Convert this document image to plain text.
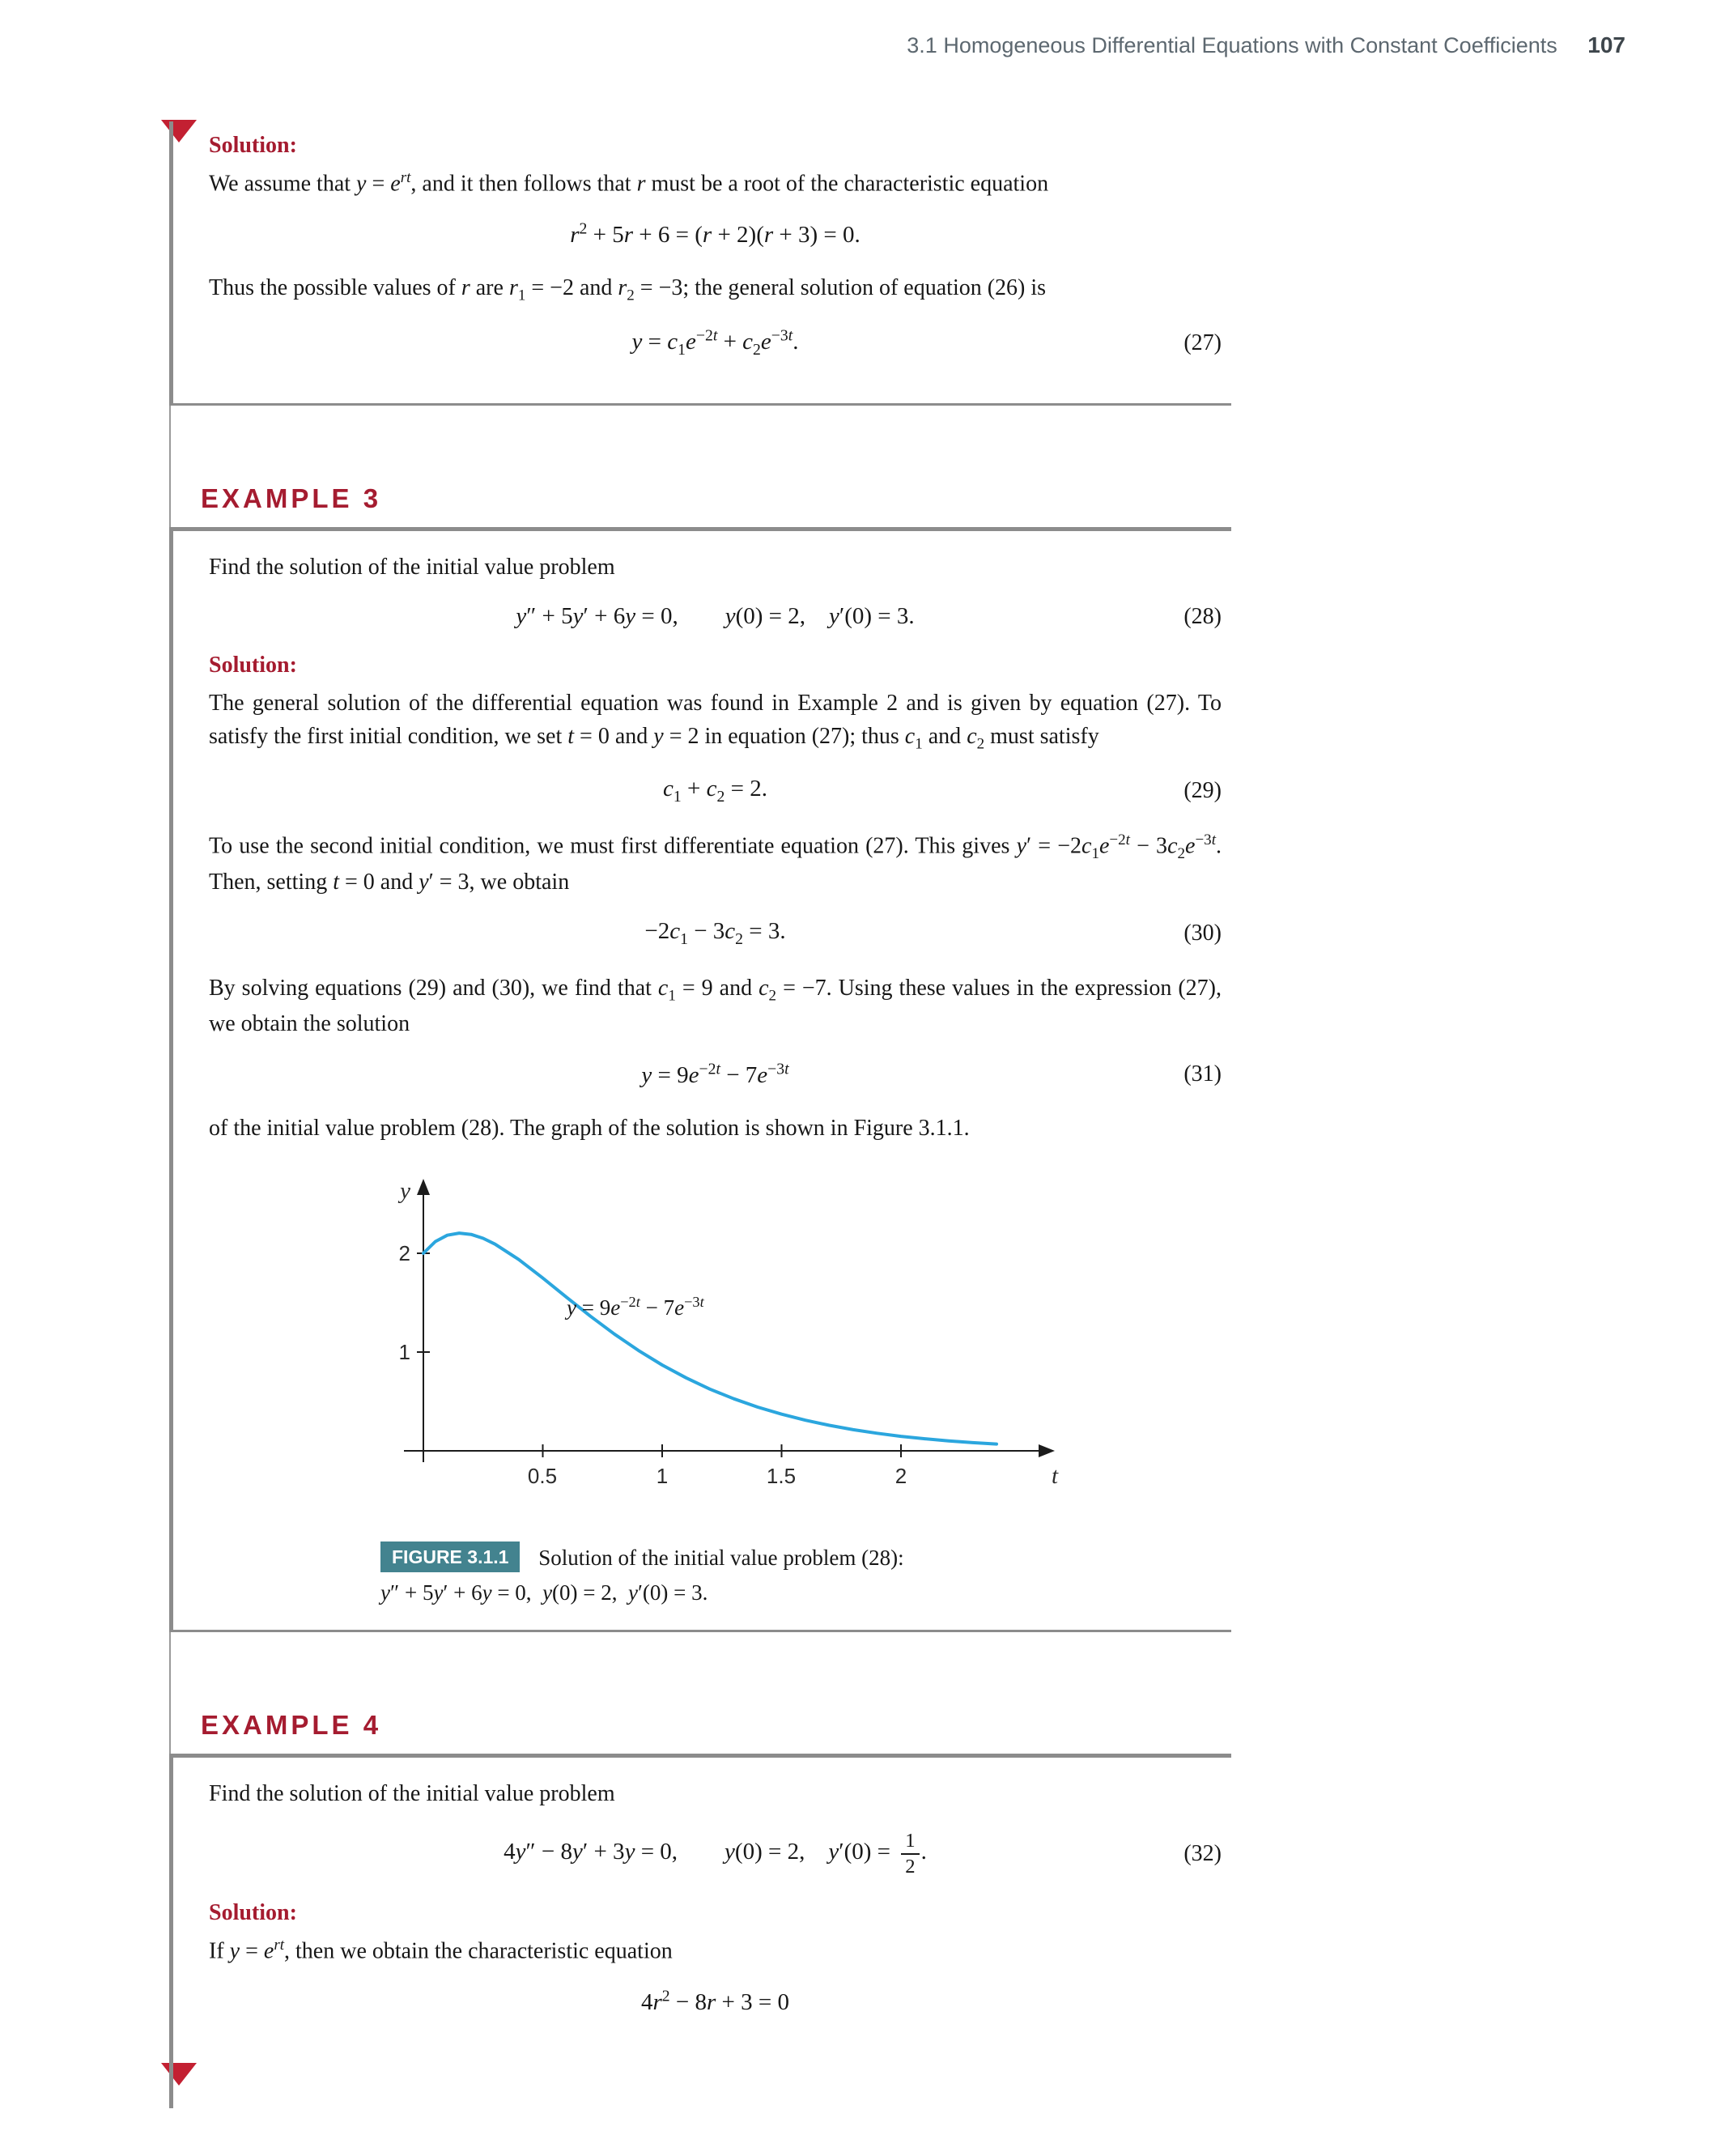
3.1 Homogeneous Differential Equations with Constant Coefficients 107
Solution:

We assume that $y = e^{rt}$, and it then follows that r must be a root of the characteristic equation

$r^2 + 5r + 6 = (r + 2)(r + 3) = 0$.

Thus the possible values of r are $r_1 = -2$ and $r_2 = -3$; the general solution of equation (26) is

$y = c_1e^{-2t} + c_2e^{-3t}$.	(27)
EXAMPLE 3

Find the solution of the initial value problem

y″ + 5y′ + 6y = 0,  y(0) = 2,  y′(0) = 3.	(28)
Solution:

The general solution of the differential equation was found in Example 2 and is given by equation (27). To satisfy the first initial condition, we set t = 0 and y = 2 in equation (27); thus $c_1$ and $c_2$ must satisfy

$c_1 + c_2 = 2$.	(29)

To use the second initial condition, we must first differentiate equation (27). This gives $y' = -2c_1e^{-2t} - 3c_2e^{-3t}$. Then, setting t = 0 and y′ = 3, we obtain

$-2c_1 - 3c_2 = 3$.	(30)

By solving equations (29) and (30), we find that $c_1 = 9$ and $c_2 = -7$. Using these values in the expression (27), we obtain the solution

$y = 9e^{-2t} - 7e^{-3t}$	(31)

of the initial value problem (28). The graph of the solution is shown in Figure 3.1.1.

2
1
0.5	1	1.5	2
y
t
$y = 9e^{-2t} - 7e^{-3t}$
FIGURE 3.1.1 Solution of the initial value problem (28):
y″ + 5y′ + 6y = 0,  y(0) = 2,  y′(0) = 3.
EXAMPLE 4

Find the solution of the initial value problem

4y″ − 8y′ + 3y = 0,  y(0) = 2,  $y'(0) = \frac{1}{2}$ .	(32)
Solution:

If $y = e^{rt}$, then we obtain the characteristic equation

$4r^2 - 8r + 3 = 0$
